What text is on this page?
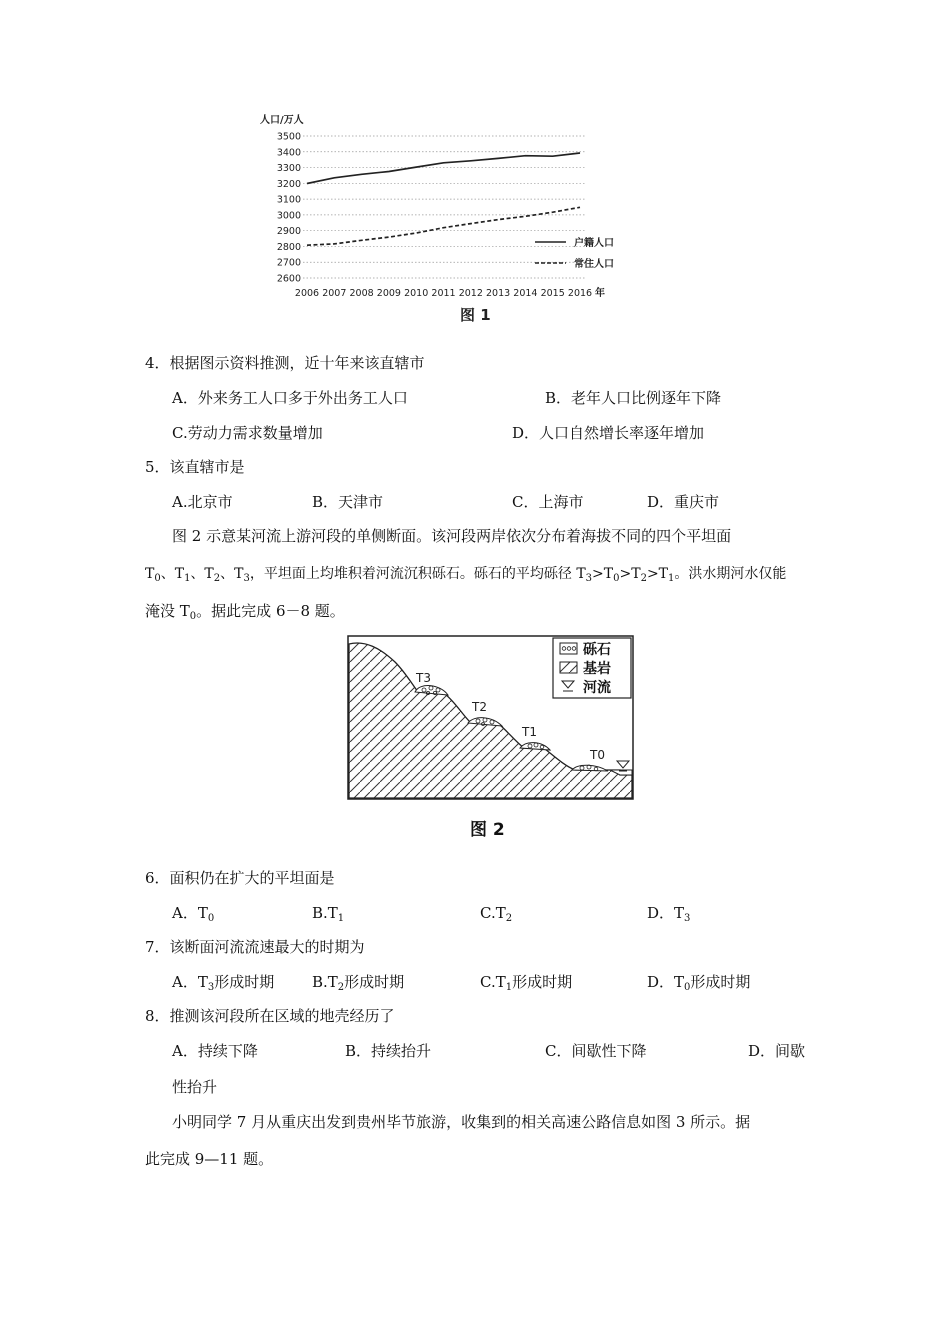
人口/万人
2600
2700
2800
2900
3000
3100
3200
3300
3400
3500
2006 2007 2008 2009 2010 2011 2012 2013 2014 2015 2016 年
户籍人口
常住人口
图 1
4．根据图示资料推测，近十年来该直辖市
A．外来务工人口多于外出务工人口	B．老年人口比例逐年下降
C.劳动力需求数量增加	D．人口自然增长率逐年增加
5．该直辖市是
A.北京市	B．天津市	C．上海市	D．重庆市
图 2 示意某河流上游河段的单侧断面。该河段两岸依次分布着海拔不同的四个平坦面
$T_0$、$T_1$、$T_2$、$T_3$，平坦面上均堆积着河流沉积砾石。砾石的平均砾径 $T_3>T_0>T_2>T_1$。洪水期河水仅能
淹没 $T_0$。据此完成 6－8 题。
T3
T2
T1
T0
砾石
基岩
河流
图 2
6．面积仍在扩大的平坦面是
A．$T_0$	$B.T_1$	$C.T_2$	D．$T_3$
7．该断面河流流速最大的时期为
A．$T_3$形成时期	$B.T_2$形成时期	$C.T_1$形成时期	D．$T_0$形成时期
8．推测该河段所在区域的地壳经历了
A．持续下降	B．持续抬升	C．间歇性下降	D．间歇
性抬升
小明同学 7 月从重庆出发到贵州毕节旅游，收集到的相关高速公路信息如图 3 所示。据
此完成 9—11 题。
